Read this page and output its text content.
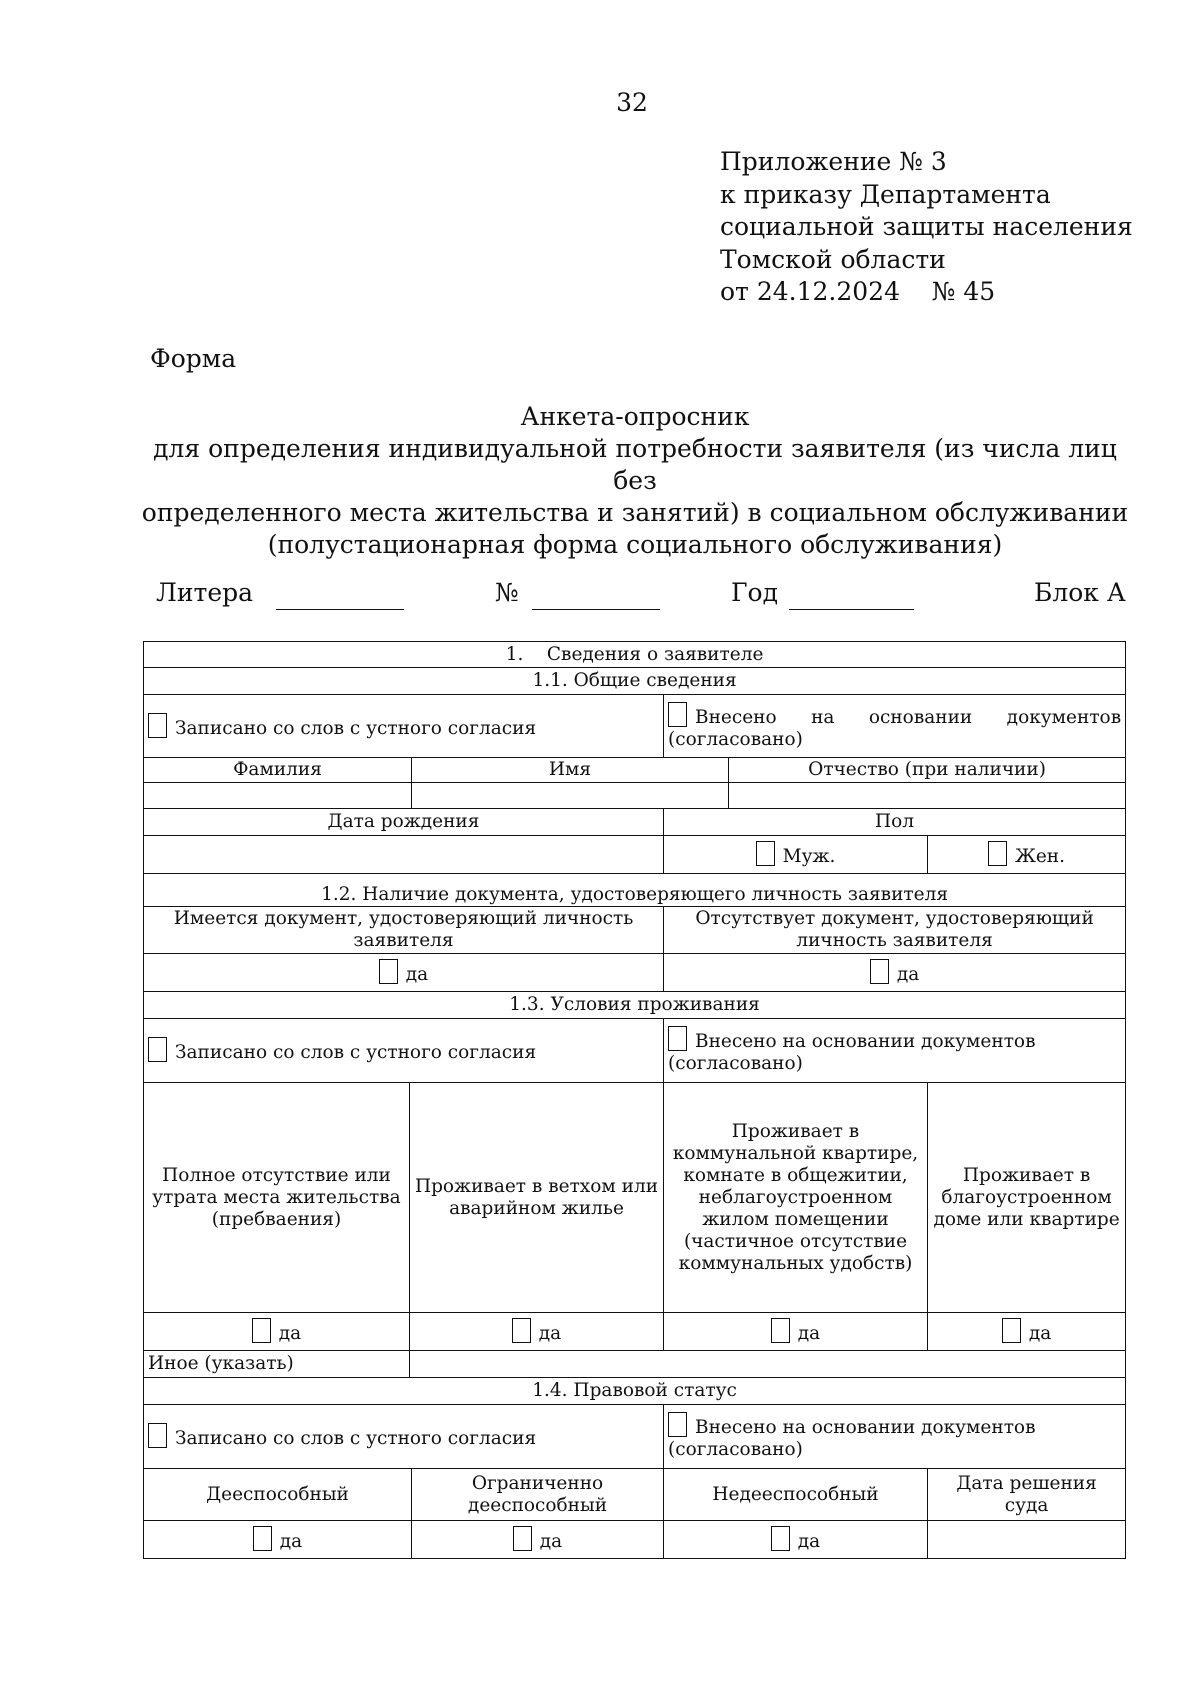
32
Приложение № 3
к приказу Департамента
социальной защиты населения
Томской области
от 24.12.2024    № 45
Форма
Анкета-опросник
для определения индивидуальной потребности заявителя (из числа лиц без
определенного места жительства и занятий) в социальном обслуживании
(полустационарная форма социального обслуживания)
Литера	№	Год	Блок А
1.    Сведения о заявителе					
1.1. Общие сведения					
Записано со слов с устного согласия			Внесено на основании документов
(согласовано)		

Фамилия		Имя		Отчество (при наличии)	

Дата рождения			Пол		
			Муж.		Жен.
1.2. Наличие документа, удостоверяющего личность заявителя					
Имеется документ, удостоверяющий личность заявителя			Отсутствует документ, удостоверяющий личность заявителя		
да			да		
1.3. Условия проживания					
Записано со слов с устного согласия			Внесено на основании документов
(согласовано)		

Полное отсутствие или утрата места жительства (пребваения)	Проживает в ветхом или аварийном жилье		Проживает в коммунальной квартире, комнате в общежитии, неблагоустроенном жилом помещении (частичное отсутствие коммунальных удобств)		Проживает в благоустроенном доме или квартире
да	да		да		да
Иное (указать)					
1.4. Правовой статус					
Записано со слов с устного согласия			Внесено на основании документов
(согласовано)		

Дееспособный		Ограниченно дееспособный	Недееспособный		Дата решения суда
да		да	да		
